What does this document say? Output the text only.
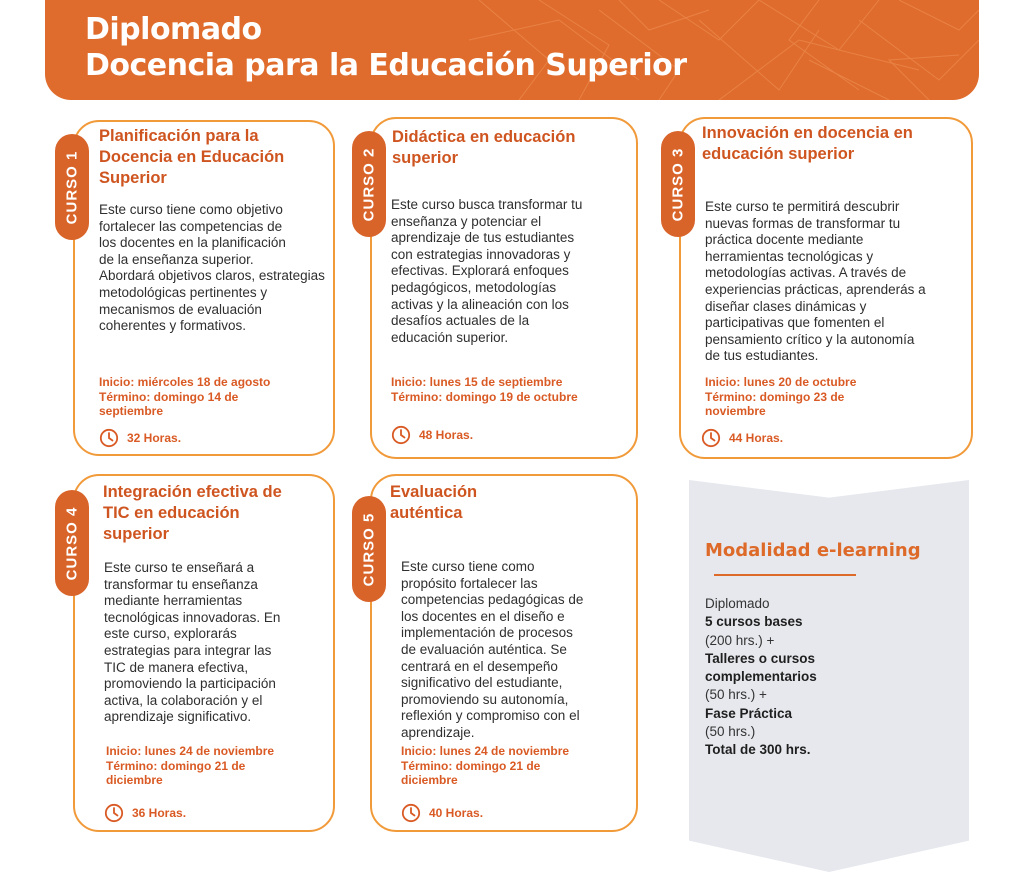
Diplomado
Docencia para la Educación Superior
CURSO 1
Planificación para la
Docencia en Educación
Superior
Este curso tiene como objetivo
fortalecer las competencias de
los docentes en la planificación
de la enseñanza superior.
Abordará objetivos claros, estrategias
metodológicas pertinentes y
mecanismos de evaluación
coherentes y formativos.
Inicio: miércoles 18 de agosto
Término: domingo 14 de
septiembre
32 Horas.
CURSO 2
Didáctica en educación
superior
Este curso busca transformar tu
enseñanza y potenciar el
aprendizaje de tus estudiantes
con estrategias innovadoras y
efectivas. Explorará enfoques
pedagógicos, metodologías
activas y la alineación con los
desafíos actuales de la
educación superior.
Inicio: lunes 15 de septiembre
Término: domingo 19 de octubre
48 Horas.
CURSO 3
Innovación en docencia en
educación superior
Este curso te permitirá descubrir
nuevas formas de transformar tu
práctica docente mediante
herramientas tecnológicas y
metodologías activas. A través de
experiencias prácticas, aprenderás a
diseñar clases dinámicas y
participativas que fomenten el
pensamiento crítico y la autonomía
de tus estudiantes.
Inicio: lunes 20 de octubre
Término: domingo 23 de
noviembre
44 Horas.
CURSO 4
Integración efectiva de
TIC en educación
superior
Este curso te enseñará a
transformar tu enseñanza
mediante herramientas
tecnológicas innovadoras. En
este curso, explorarás
estrategias para integrar las
TIC de manera efectiva,
promoviendo la participación
activa, la colaboración y el
aprendizaje significativo.
Inicio: lunes 24 de noviembre
Término: domingo 21 de
diciembre
36 Horas.
CURSO 5
Evaluación
auténtica
Este curso tiene como
propósito fortalecer las
competencias pedagógicas de
los docentes en el diseño e
implementación de procesos
de evaluación auténtica. Se
centrará en el desempeño
significativo del estudiante,
promoviendo su autonomía,
reflexión y compromiso con el
aprendizaje.
Inicio: lunes 24 de noviembre
Término: domingo 21 de
diciembre
40 Horas.
Modalidad e-learning
Diplomado
5 cursos bases
(200 hrs.) +
Talleres o cursos
complementarios
(50 hrs.) +
Fase Práctica
(50 hrs.)
Total de 300 hrs.
